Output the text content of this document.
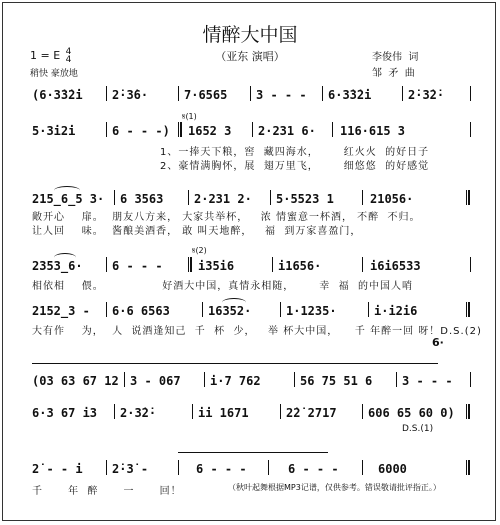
情醉大中国
（亚东 演唱）	李俊伟  词
邹  矛  曲
1 = E 4
4
稍快 豪放地
(6·3̇3̇2̇i 2̇·3̇6·	7·6565 3 - - - 6·3̇3̇2̇i	2̇·3̇2̇·
5·3̇i2̇i	6 - - -)
𝄋(1)
1652 3 2·231 6· 116·615 3
1、一捧天下粮，窖  藏四海水，      红火火  的好日子
2、豪情满胸怀，展  翅万里飞，      细悠悠  的好感觉
215̲6̲5 3· 6 3563	2·231 2· 5·5523 1	21056·
敞开心    扉。  朋友八方来， 大家共举杯，   浓 情蜜意一杯酒， 不醉  不归。
让人回    味。  酱酿美酒香， 敢 叫天地醉，   福  到万家喜盈门，
2353̲6· 6 - - -
𝄋(2)
i35i6	i1656·	i6i6533
相依相    偎。              好酒大中国，真情永相随，      幸  福  的中国人哨
2152̲3 - 6·6 6563	16352·	1·1235·	i·i2̇i6
大有作    为，  人  说酒逢知己  千  杯  少，   举 杯大中国，    千 年醉一回 呀！D.S.(2)
6·
(03 63 67 12 3 - 067 i·7 762	56 75 51 6 3 - - -
6·3 67 i3 2·3̇2̇·	i̇i 1671	2̇2̇ 2717	606 65 60 0)
D.S.(1)
2̇ - - i 2̇·3̇ -	6 - - -	6 - - -	6000
千      年  醉      一      回！	（秋叶起舞根据MP3记谱，仅供参考。错误敬请批评指正。）
